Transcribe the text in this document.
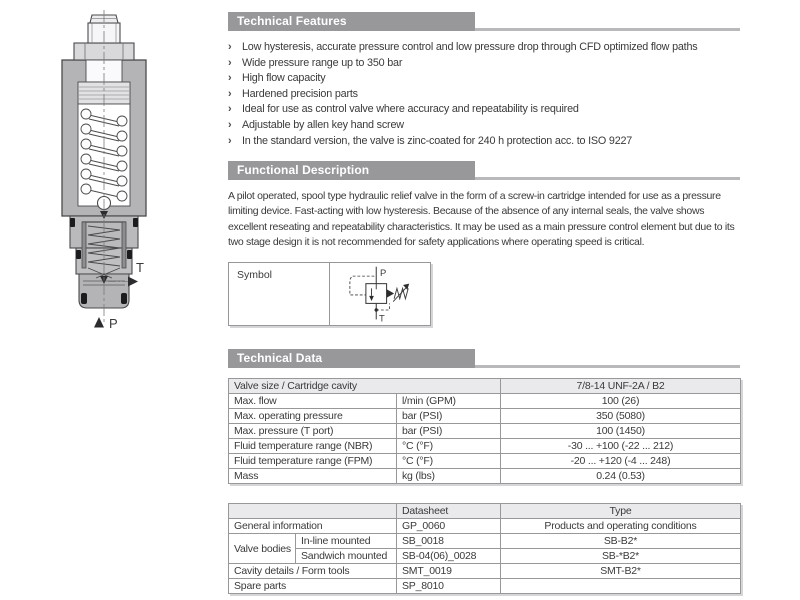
T
P
Technical Features
› Low hysteresis, accurate pressure control and low pressure drop through CFD optimized flow paths
› Wide pressure range up to 350 bar
› High flow capacity
› Hardened precision parts
› Ideal for use as control valve where accuracy and repeatability is required
› Adjustable by allen key hand screw
› In the standard version, the valve is zinc-coated for 240 h protection acc. to ISO 9227
Functional Description
A pilot operated, spool type hydraulic relief valve in the form of a screw-in cartridge intended for use as a pressure limiting device. Fast-acting with low hysteresis. Because of the absence of any internal seals, the valve shows excellent reseating and repeatability characteristics. It may be used as a main pressure control element but due to its two stage design it is not recommended for safety applications where operating speed is critical.
Symbol	P
T
Technical Data
Valve size / Cartridge cavity		7/8-14 UNF-2A / B2
Max. flow	l/min (GPM)	100 (26)
Max. operating pressure	bar (PSI)	350 (5080)
Max. pressure (T port)	bar (PSI)	100 (1450)
Fluid temperature range (NBR)	°C (°F)	-30 ... +100 (-22 ... 212)
Fluid temperature range (FPM)	°C (°F)	-20 ... +120 (-4 ... 248)
Mass	kg (lbs)	0.24 (0.53)
		Datasheet	Type
General information		GP_0060	Products and operating conditions
Valve bodies	In-line mounted	SB_0018	SB-B2*
	Sandwich mounted	SB-04(06)_0028	SB-*B2*
Cavity details / Form tools		SMT_0019	SMT-B2*
Spare parts		SP_8010	
